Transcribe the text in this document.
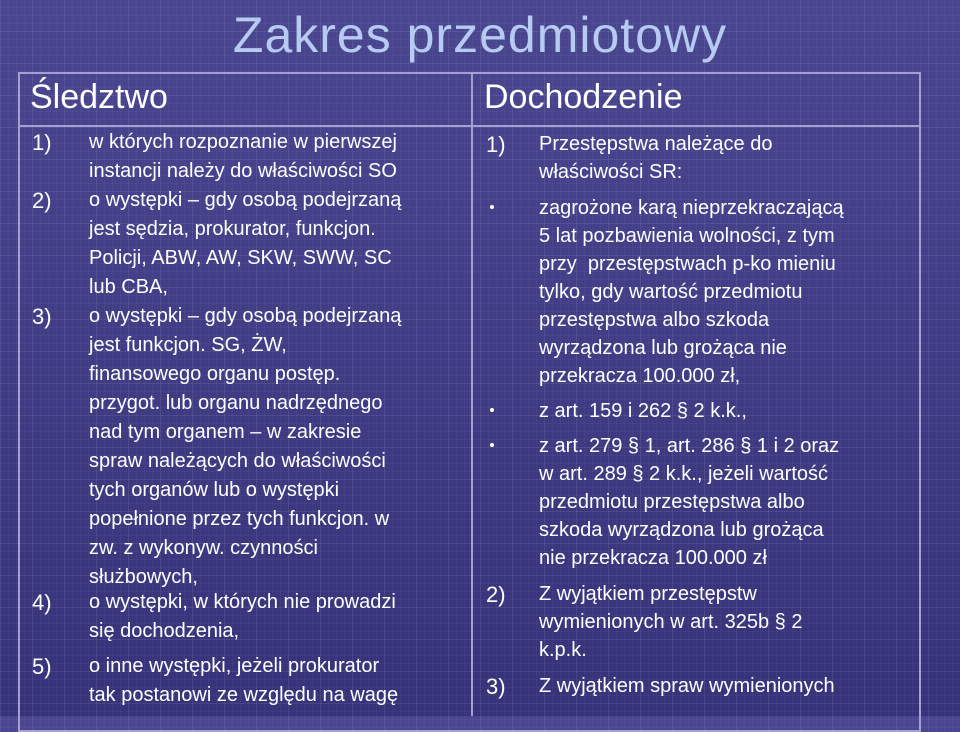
Zakres przedmiotowy
Śledztwo	Dochodzenie
1) w których rozpoznanie w pierwszej
instancji należy do właściwości SO
2) o występki – gdy osobą podejrzaną
jest sędzia, prokurator, funkcjon.
Policji, ABW, AW, SKW, SWW, SC
lub CBA,
3) o występki – gdy osobą podejrzaną
jest funkcjon. SG, ŻW,
finansowego organu postęp.
przygot. lub organu nadrzędnego
nad tym organem – w zakresie
spraw należących do właściwości
tych organów lub o występki
popełnione przez tych funkcjon. w
zw. z wykonyw. czynności
służbowych,
4) o występki, w których nie prowadzi
się dochodzenia,
5) o inne występki, jeżeli prokurator
tak postanowi ze względu na wagę
1) Przestępstwa należące do
właściwości SR:
zagrożone karą nieprzekraczającą
5 lat pozbawienia wolności, z tym
przy  przestępstwach p-ko mieniu
tylko, gdy wartość przedmiotu
przestępstwa albo szkoda
wyrządzona lub grożąca nie
przekracza 100.000 zł,
z art. 159 i 262 § 2 k.k.,
z art. 279 § 1, art. 286 § 1 i 2 oraz
w art. 289 § 2 k.k., jeżeli wartość
przedmiotu przestępstwa albo
szkoda wyrządzona lub grożąca
nie przekracza 100.000 zł
2) Z wyjątkiem przestępstw
wymienionych w art. 325b § 2
k.p.k.
3) Z wyjątkiem spraw wymienionych
